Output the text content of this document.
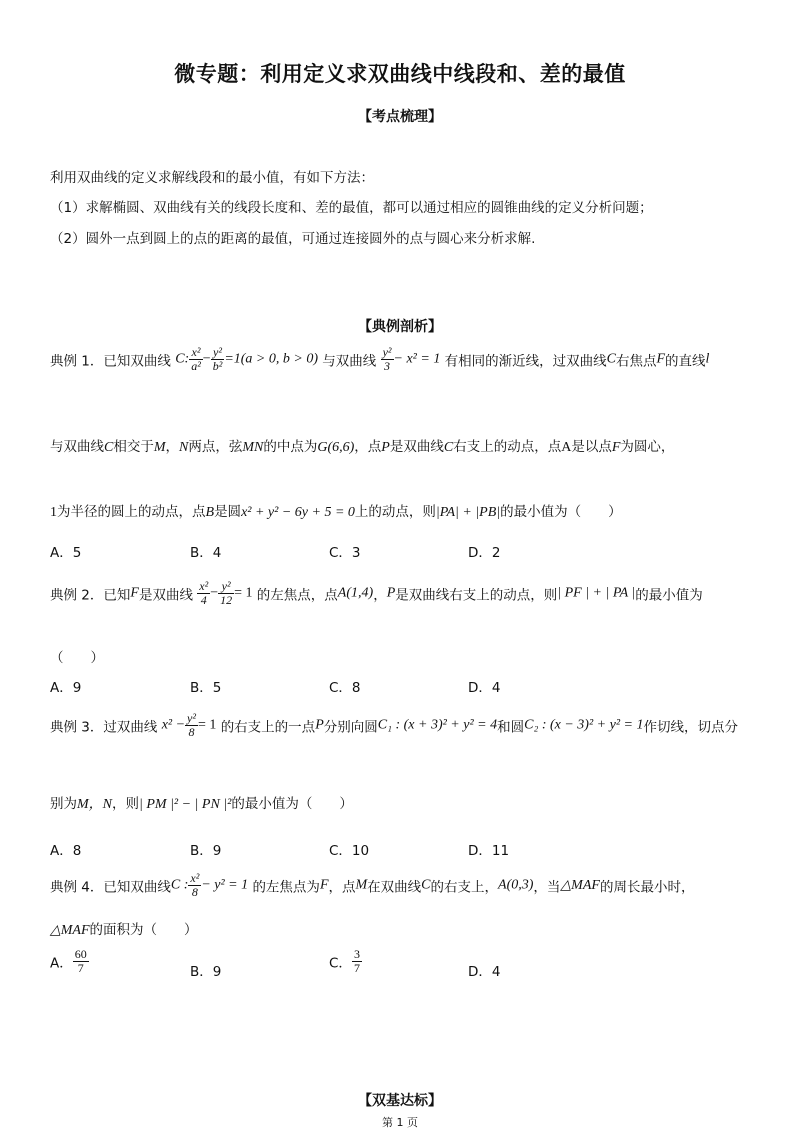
微专题：利用定义求双曲线中线段和、差的最值
【考点梳理】
利用双曲线的定义求解线段和的最小值，有如下方法：
（1）求解椭圆、双曲线有关的线段长度和、差的最值，都可以通过相应的圆锥曲线的定义分析问题；
（2）圆外一点到圆上的点的距离的最值，可通过连接圆外的点与圆心来分析求解.
【典例剖析】
典例 1．已知双曲线 C: $\frac{\text{x²}}{\text{a²}} - \frac{\text{y²}}{\text{b²}} =1(a > 0$, b > 0) 与双曲线 $\frac{\text{y²}}{3} - x^2 = 1$ 有相同的渐近线，过双曲线C右焦点F的直线l
与双曲线C相交于M，N两点，弦MN的中点为G(6,6)，点P是双曲线C右支上的动点，点A是以点F为圆心，
1为半径的圆上的动点，点B是圆x² + y² − 6y + 5 = 0上的动点，则|PA| + |PB|的最小值为（　　）
A．5	B．4	C．3	D．2
典例 2．已知F是双曲线 $\frac{\text{x²}}{4} - \frac{\text{y²}}{12} = 1$ 的左焦点，点A(1,4)，P是双曲线右支上的动点，则| PF | + | PA |的最小值为
（　　）
A．9	B．5	C．8	D．4
典例 3．过双曲线 $x^2 - \frac{\text{y²}}{8} = 1$ 的右支上的一点P分别向圆C₁ : (x + 3)² + y² = 4和圆C₂ : (x − 3)² + y² = 1作切线，切点分
别为M，N，则| PM |² − | PN |²的最小值为（　　）
A．8	B．9	C．10	D．11
典例 4．已知双曲线C : $\frac{\text{x²}}{8} - y^2 = 1$ 的左焦点为F，点M在双曲线C的右支上，A(0,3)，当△MAF的周长最小时，
△MAF的面积为（　　）
A． $\frac{60}{7}$	B．9
C． $\frac{3}{7}$	D．4
【双基达标】
第 1 页
